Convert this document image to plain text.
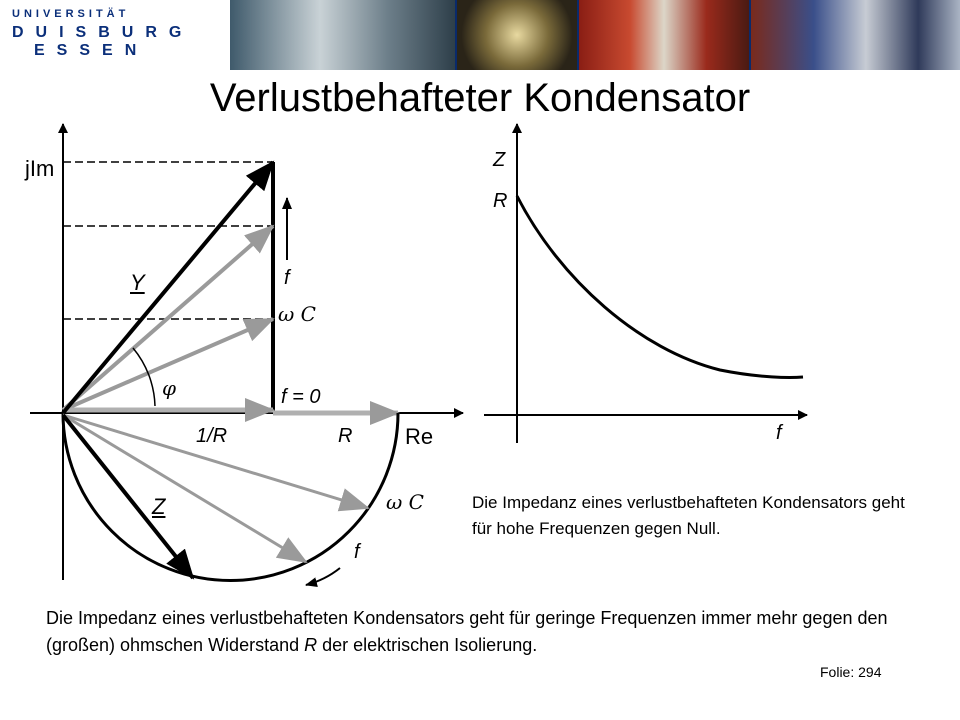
UNIVERSITÄT
DUISBURG
ESSEN
Verlustbehafteter Kondensator
jIm
Re
Y
Z
f
ω C
φ	f = 0
1/R	R
ω C
f
Z
R
f
Die Impedanz eines verlustbehafteten Kondensators geht für hohe Frequenzen gegen Null.
Die Impedanz eines verlustbehafteten Kondensators geht für geringe Frequenzen immer mehr gegen den (großen) ohmschen Widerstand R der elektrischen Isolierung.
Folie: 294
